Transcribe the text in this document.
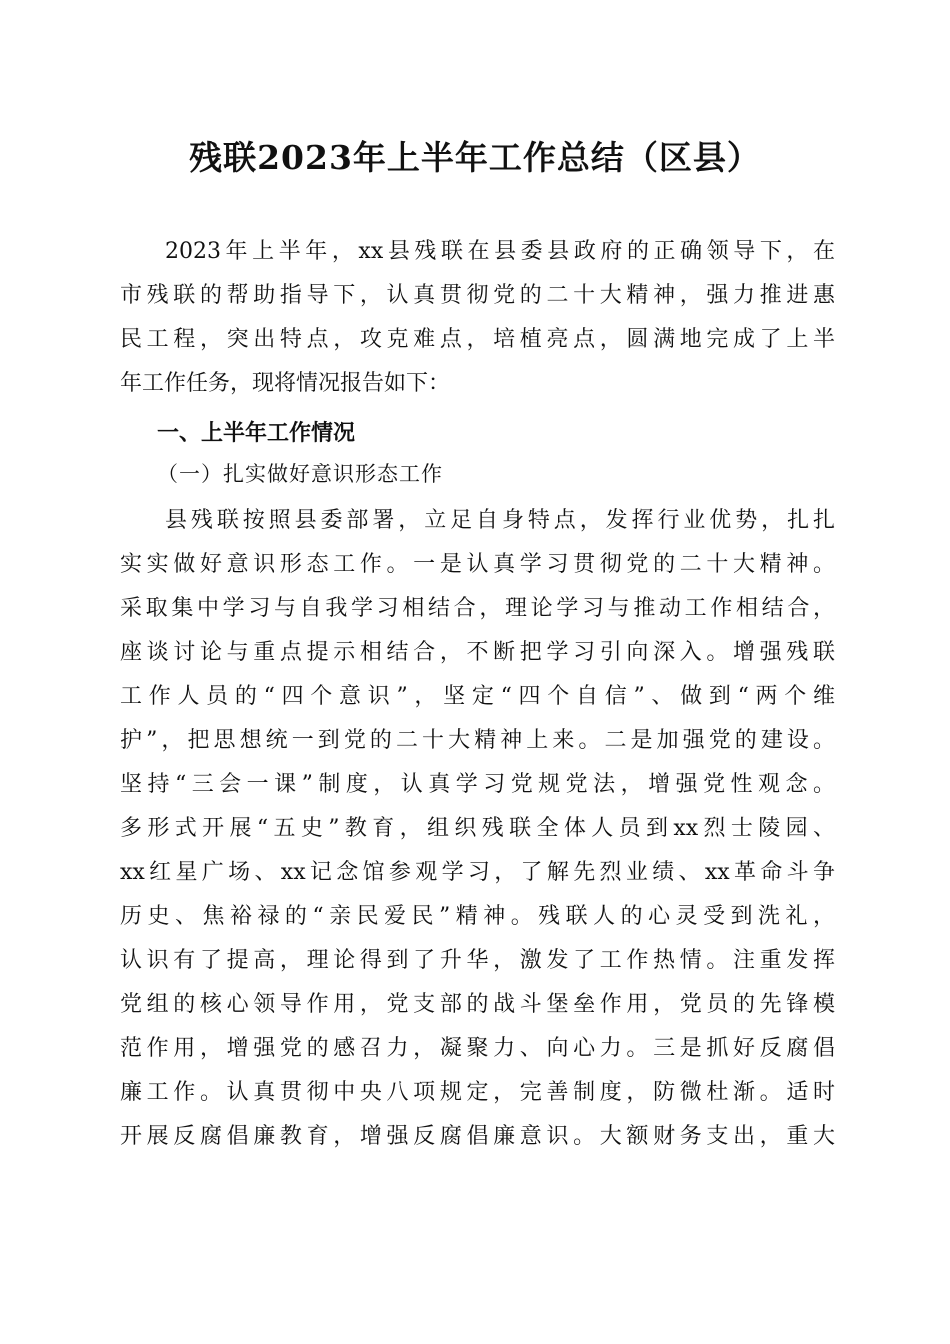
残联2023年上半年工作总结（区县）
2023年上半年，xx县残联在县委县政府的正确领导下，在
市残联的帮助指导下，认真贯彻党的二十大精神，强力推进惠
民工程，突出特点，攻克难点，培植亮点，圆满地完成了上半
年工作任务，现将情况报告如下：
一、上半年工作情况
（一）扎实做好意识形态工作
县残联按照县委部署，立足自身特点，发挥行业优势，扎扎
实实做好意识形态工作。一是认真学习贯彻党的二十大精神。
采取集中学习与自我学习相结合，理论学习与推动工作相结合，
座谈讨论与重点提示相结合，不断把学习引向深入。增强残联
工作人员的“四个意识”，坚定“四个自信”、做到“两个维
护”，把思想统一到党的二十大精神上来。二是加强党的建设。
坚持“三会一课”制度，认真学习党规党法，增强党性观念。
多形式开展“五史”教育，组织残联全体人员到xx烈士陵园、
xx红星广场、xx记念馆参观学习，了解先烈业绩、xx革命斗争
历史、焦裕禄的“亲民爱民”精神。残联人的心灵受到洗礼，
认识有了提高，理论得到了升华，激发了工作热情。注重发挥
党组的核心领导作用，党支部的战斗堡垒作用，党员的先锋模
范作用，增强党的感召力，凝聚力、向心力。三是抓好反腐倡
廉工作。认真贯彻中央八项规定，完善制度，防微杜渐。适时
开展反腐倡廉教育，增强反腐倡廉意识。大额财务支出，重大
